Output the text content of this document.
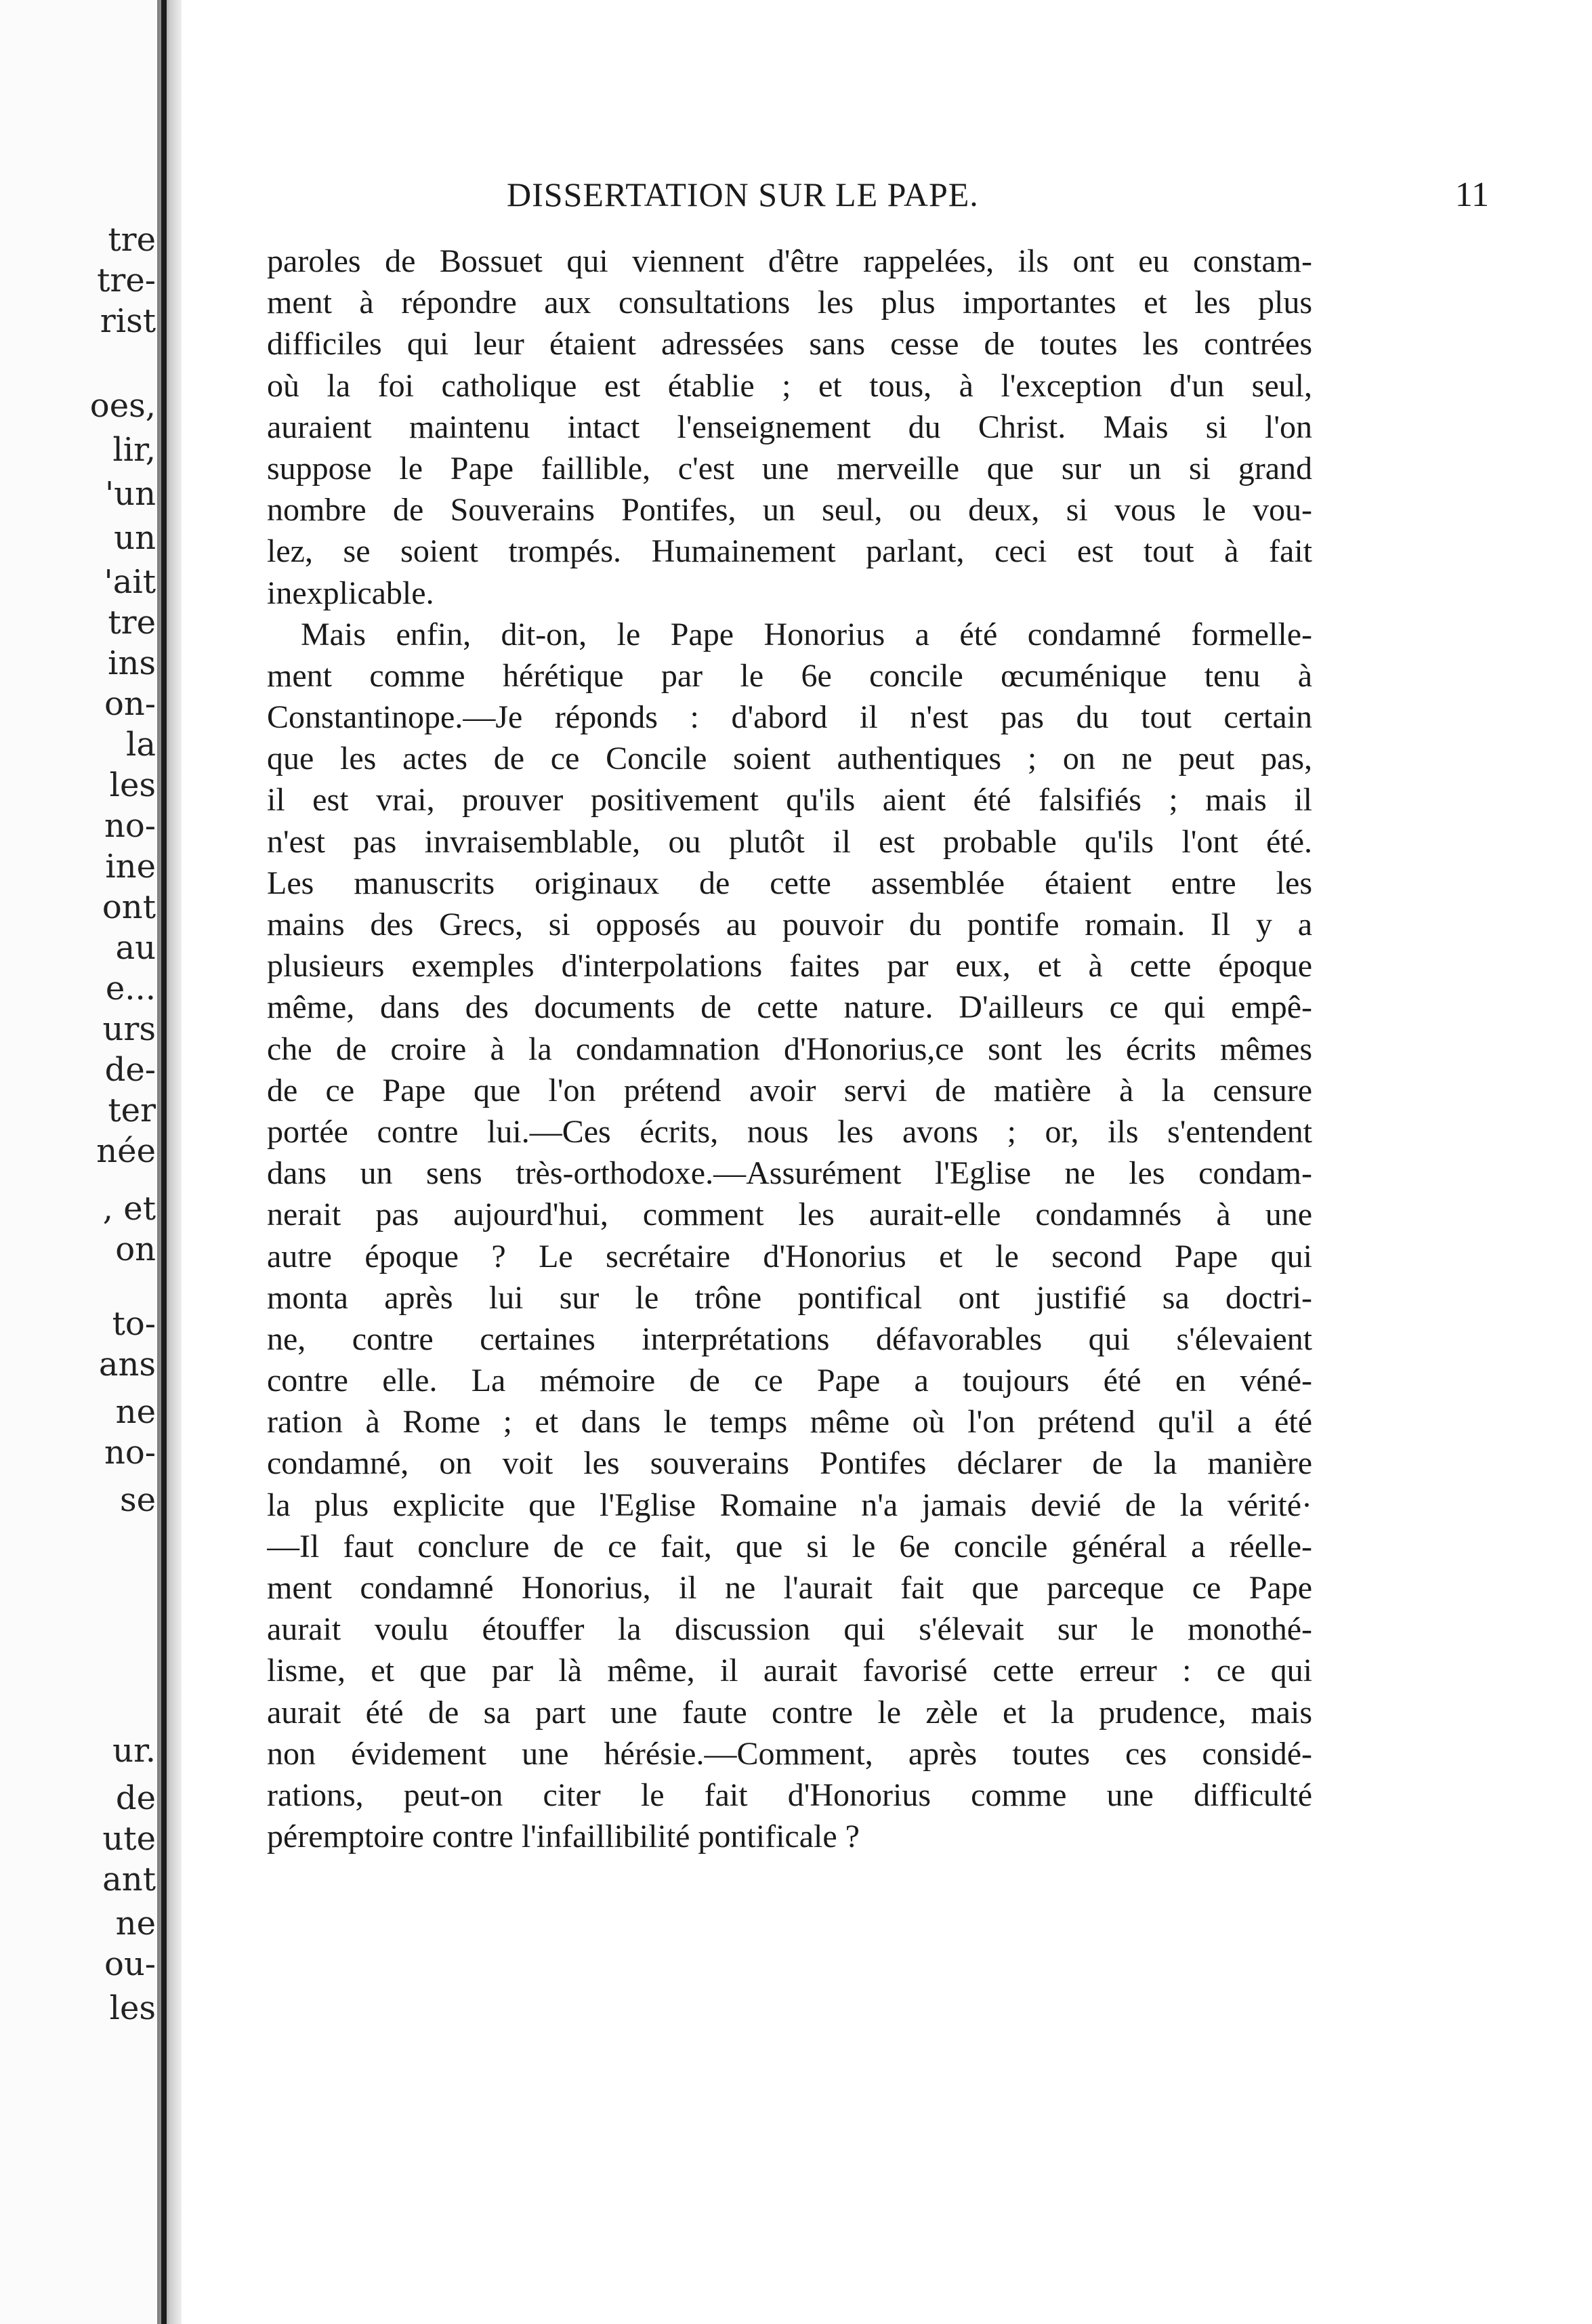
tre
tre-
rist
oes,
lir,
'un
un
'ait
tre
ins
on-
la
les
no-
ine
ont
au
e...
urs
de-
ter
née
, et
on
to-
ans
ne
no-
se
ur.
de
ute
ant
ne
ou-
les
DISSERTATION SUR LE PAPE.	11
paroles de Bossuet qui viennent d'être rappelées, ils ont eu constam-
ment à répondre aux consultations les plus importantes et les plus
difficiles qui leur étaient adressées sans cesse de toutes les contrées
où la foi catholique est établie ; et tous, à l'exception d'un seul,
auraient maintenu intact l'enseignement du Christ. Mais si l'on
suppose le Pape faillible, c'est une merveille que sur un si grand
nombre de Souverains Pontifes, un seul, ou deux, si vous le vou-
lez, se soient trompés. Humainement parlant, ceci est tout à fait
inexplicable.
Mais enfin, dit-on, le Pape Honorius a été condamné formelle-
ment comme hérétique par le 6e concile œcuménique tenu à
Constantinope.—Je réponds : d'abord il n'est pas du tout certain
que les actes de ce Concile soient authentiques ; on ne peut pas,
il est vrai, prouver positivement qu'ils aient été falsifiés ; mais il
n'est pas invraisemblable, ou plutôt il est probable qu'ils l'ont été.
Les manuscrits originaux de cette assemblée étaient entre les
mains des Grecs, si opposés au pouvoir du pontife romain. Il y a
plusieurs exemples d'interpolations faites par eux, et à cette époque
même, dans des documents de cette nature. D'ailleurs ce qui empê-
che de croire à la condamnation d'Honorius,ce sont les écrits mêmes
de ce Pape que l'on prétend avoir servi de matière à la censure
portée contre lui.—Ces écrits, nous les avons ; or, ils s'entendent
dans un sens très-orthodoxe.—Assurément l'Eglise ne les condam-
nerait pas aujourd'hui, comment les aurait-elle condamnés à une
autre époque ? Le secrétaire d'Honorius et le second Pape qui
monta après lui sur le trône pontifical ont justifié sa doctri-
ne, contre certaines interprétations défavorables qui s'élevaient
contre elle. La mémoire de ce Pape a toujours été en véné-
ration à Rome ; et dans le temps même où l'on prétend qu'il a été
condamné, on voit les souverains Pontifes déclarer de la manière
la plus explicite que l'Eglise Romaine n'a jamais devié de la vérité·
—Il faut conclure de ce fait, que si le 6e concile général a réelle-
ment condamné Honorius, il ne l'aurait fait que parceque ce Pape
aurait voulu étouffer la discussion qui s'élevait sur le monothé-
lisme, et que par là même, il aurait favorisé cette erreur : ce qui
aurait été de sa part une faute contre le zèle et la prudence, mais
non évidement une hérésie.—Comment, après toutes ces considé-
rations, peut-on citer le fait d'Honorius comme une difficulté
péremptoire contre l'infaillibilité pontificale ?
